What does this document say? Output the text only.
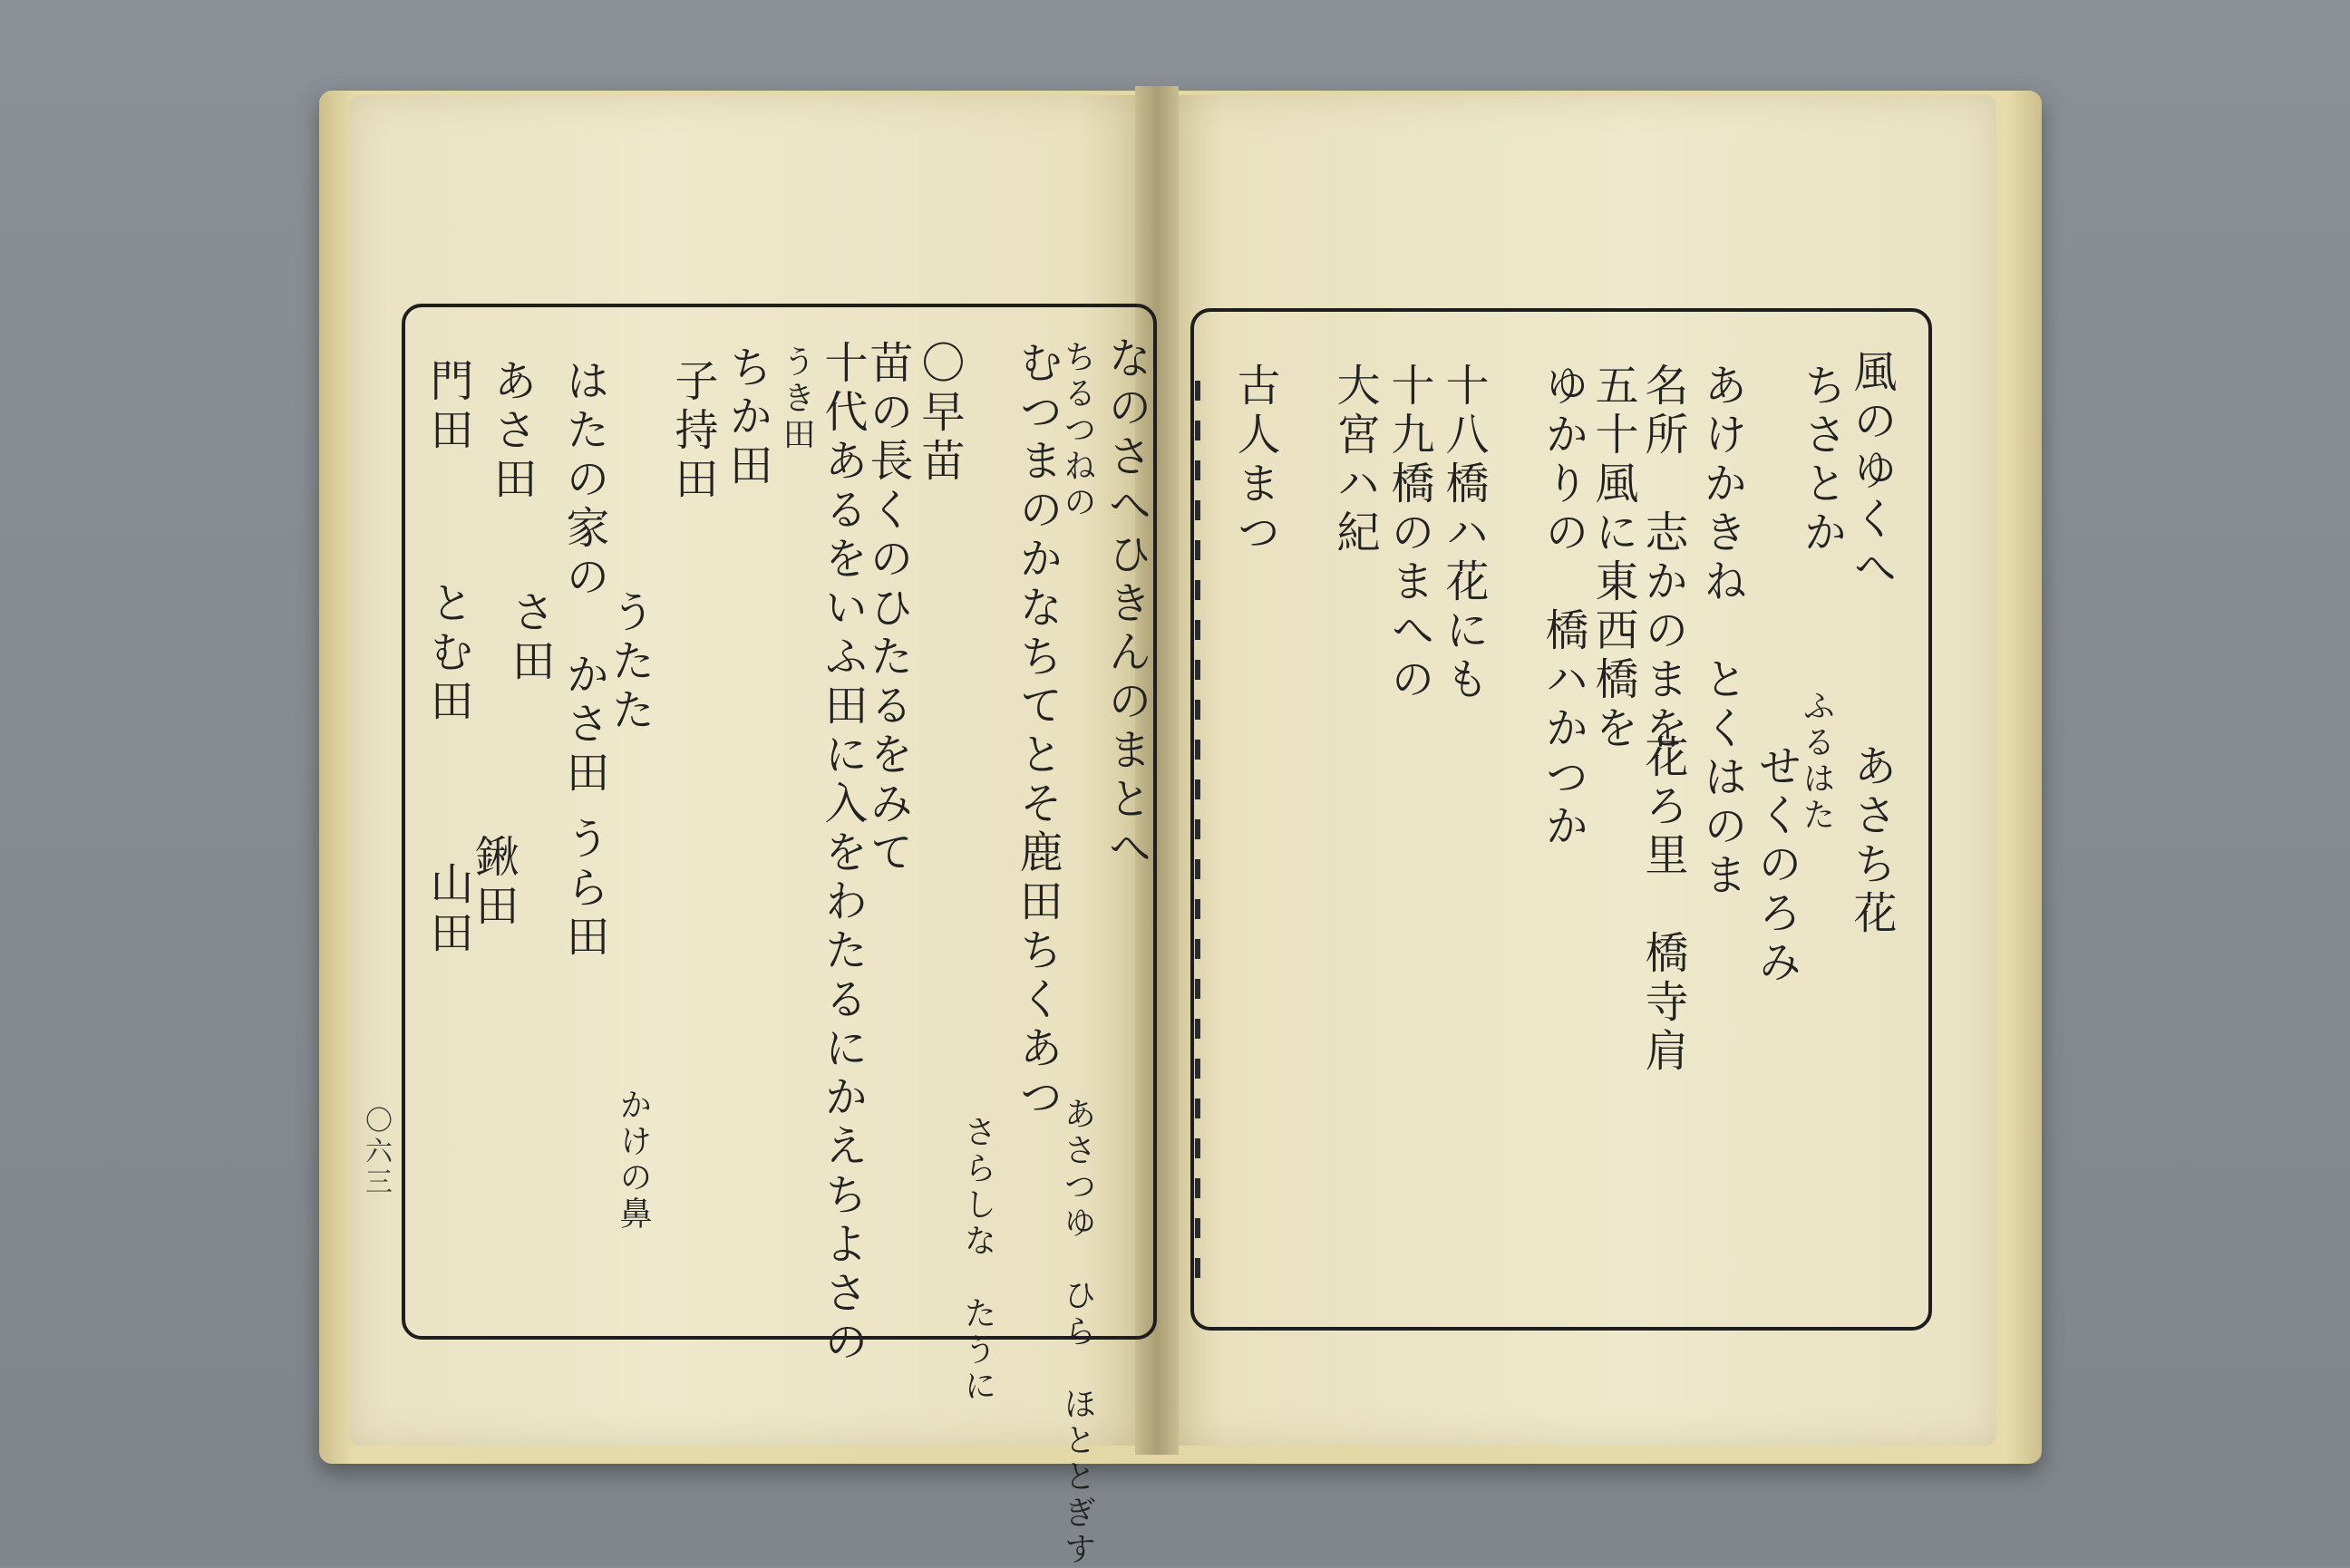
なのさへひきんのまとへ
ちるつねの
むつまのかなちてとそ鹿田ちくあつ
〇早苗
苗の長くのひたるをみて
十代あるをいふ田に入をわたるにかえちよさの
うき田
ちか田
子持田
うたた
うら田
さ田
鍬田
門田
とむ田
山田
あさ田 はたの家の　かさ田
かけの鼻	さらしな　たうに あさつゆ　ひら　ほととぎす
〇六三
風のゆくへ
あさち花
ちさとか
ふるはた
せくのろみ
あけかきね　とくはのま
名所　志かのまを
花ろ里　橋寺肩
五十風に東西橋を
ゆかりの　橋ハかつか
十八橋ハ花にも
十九橋のまへの
大宮ハ紀
古人まつ
